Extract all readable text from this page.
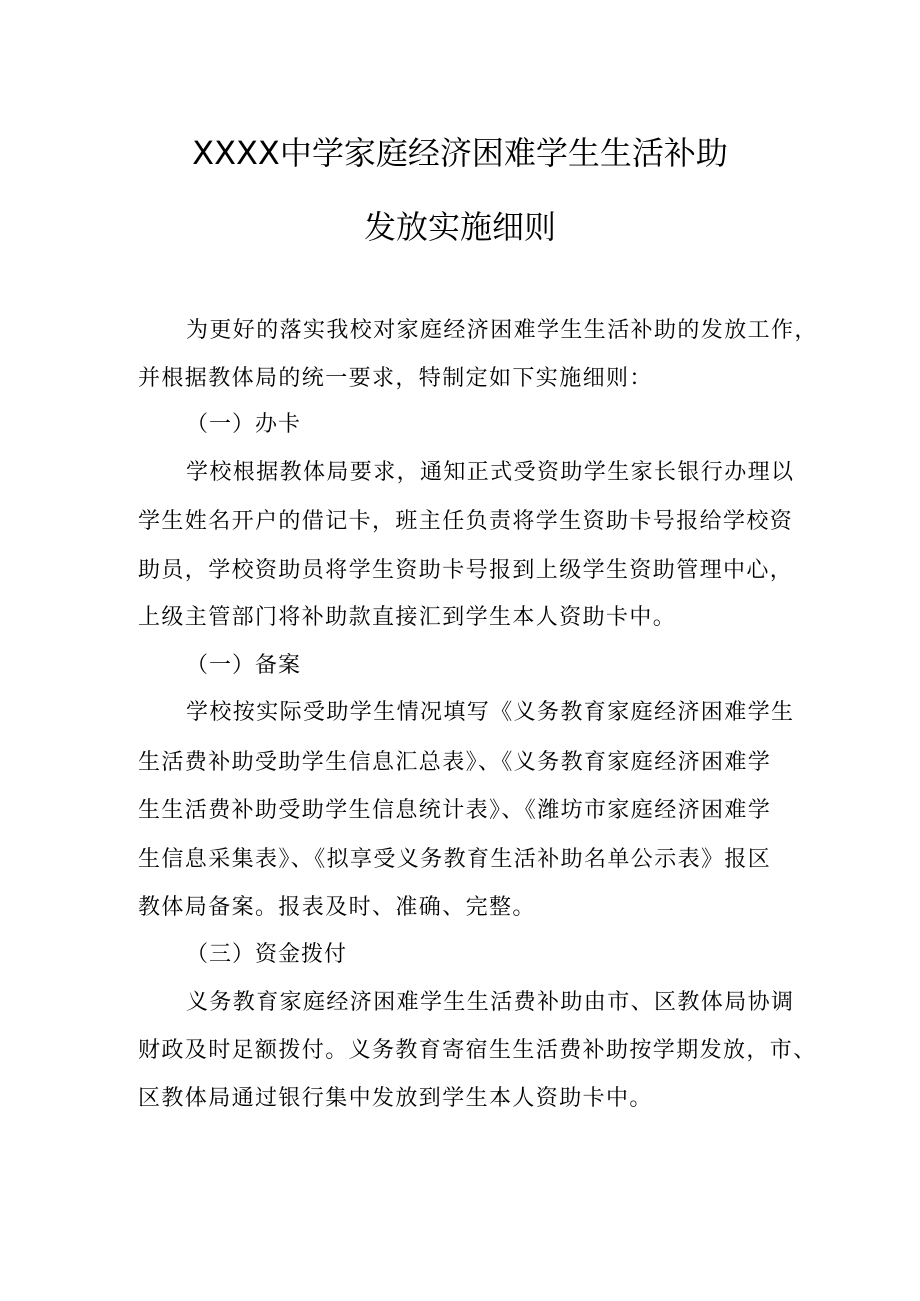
XXXX中学家庭经济困难学生生活补助
发放实施细则
为更好的落实我校对家庭经济困难学生生活补助的发放工作，
并根据教体局的统一要求，特制定如下实施细则：
（一）办卡
学校根据教体局要求，通知正式受资助学生家长银行办理以
学生姓名开户的借记卡，班主任负责将学生资助卡号报给学校资
助员，学校资助员将学生资助卡号报到上级学生资助管理中心，
上级主管部门将补助款直接汇到学生本人资助卡中。
（一）备案
学校按实际受助学生情况填写《义务教育家庭经济困难学生
生活费补助受助学生信息汇总表》、《义务教育家庭经济困难学
生生活费补助受助学生信息统计表》、《潍坊市家庭经济困难学
生信息采集表》、《拟享受义务教育生活补助名单公示表》报区
教体局备案。报表及时、准确、完整。
（三）资金拨付
义务教育家庭经济困难学生生活费补助由市、区教体局协调
财政及时足额拨付。义务教育寄宿生生活费补助按学期发放，市、
区教体局通过银行集中发放到学生本人资助卡中。
